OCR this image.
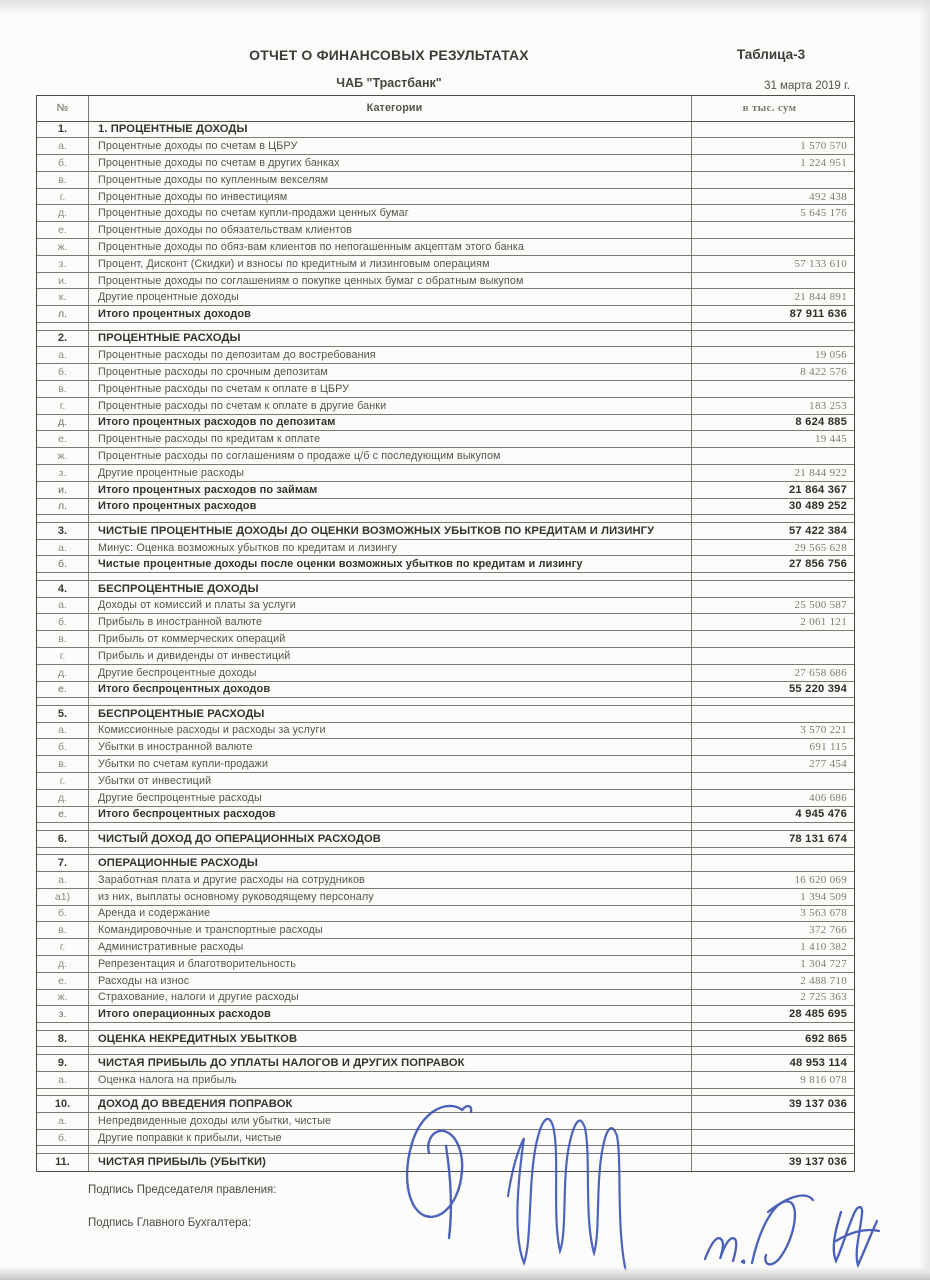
ОТЧЕТ О ФИНАНСОВЫХ РЕЗУЛЬТАТАХ	Таблица-3
ЧАБ "Трастбанк"	31 марта 2019 г.
№	Категории	в тыс. сум
1.	1. ПРОЦЕНТНЫЕ ДОХОДЫ
а.	Процентные доходы по счетам в ЦБРУ	1 570 570
б.	Процентные доходы по счетам в других банках	1 224 951
в.	Процентные доходы по купленным векселям
г.	Процентные доходы по инвестициям	492 438
д.	Процентные доходы по счетам купли-продажи ценных бумаг	5 645 176
е.	Процентные доходы по обязательствам клиентов
ж.	Процентные доходы по обяз-вам клиентов по непогашенным акцептам этого банка
з.	Процент, Дисконт (Скидки) и взносы по кредитным и лизинговым операциям	57 133 610
и.	Процентные доходы по соглашениям о покупке ценных бумаг с обратным выкупом
к.	Другие процентные доходы	21 844 891
л.	Итого процентных доходов	87 911 636
2.	ПРОЦЕНТНЫЕ РАСХОДЫ
а.	Процентные расходы по депозитам до востребования	19 056
б.	Процентные расходы по срочным депозитам	8 422 576
в.	Процентные расходы по счетам к оплате в ЦБРУ
г.	Процентные расходы по счетам к оплате в другие банки	183 253
д.	Итого процентных расходов по депозитам	8 624 885
е.	Процентные расходы по кредитам к оплате	19 445
ж.	Процентные расходы по соглашениям о продаже ц/б с последующим выкупом
з.	Другие процентные расходы	21 844 922
и.	Итого процентных расходов по займам	21 864 367
л.	Итого процентных расходов	30 489 252
3.	ЧИСТЫЕ ПРОЦЕНТНЫЕ ДОХОДЫ ДО ОЦЕНКИ ВОЗМОЖНЫХ УБЫТКОВ ПО КРЕДИТАМ И ЛИЗИНГУ	57 422 384
а.	Минус: Оценка возможных убытков по кредитам и лизингу	29 565 628
б.	Чистые процентные доходы после оценки возможных убытков по кредитам и лизингу	27 856 756
4.	БЕСПРОЦЕНТНЫЕ ДОХОДЫ
а.	Доходы от комиссий и платы за услуги	25 500 587
б.	Прибыль в иностранной валюте	2 061 121
в.	Прибыль от коммерческих операций
г.	Прибыль и дивиденды от инвестиций
д.	Другие беспроцентные доходы	27 658 686
е.	Итого беспроцентных доходов	55 220 394
5.	БЕСПРОЦЕНТНЫЕ РАСХОДЫ
а.	Комиссионные расходы и расходы за услуги	3 570 221
б.	Убытки в иностранной валюте	691 115
в.	Убытки по счетам купли-продажи	277 454
г.	Убытки от инвестиций
д.	Другие беспроцентные расходы	406 686
е.	Итого беспроцентных расходов	4 945 476
6.	ЧИСТЫЙ ДОХОД ДО ОПЕРАЦИОННЫХ РАСХОДОВ	78 131 674
7.	ОПЕРАЦИОННЫЕ РАСХОДЫ
а.	Заработная плата и другие расходы на сотрудников	16 620 069
а1)	из них, выплаты основному руководящему персоналу	1 394 509
б.	Аренда и содержание	3 563 678
в.	Командировочные и транспортные расходы	372 766
г.	Административные расходы	1 410 382
д.	Репрезентация и благотворительность	1 304 727
е.	Расходы на износ	2 488 710
ж.	Страхование, налоги и другие расходы	2 725 363
з.	Итого операционных расходов	28 485 695
8.	ОЦЕНКА НЕКРЕДИТНЫХ УБЫТКОВ	692 865
9.	ЧИСТАЯ ПРИБЫЛЬ ДО УПЛАТЫ НАЛОГОВ И ДРУГИХ ПОПРАВОК	48 953 114
а.	Оценка налога на прибыль	9 816 078
10.	ДОХОД ДО ВВЕДЕНИЯ ПОПРАВОК	39 137 036
а.	Непредвиденные доходы или убытки, чистые
б.	Другие поправки к прибыли, чистые
11.	ЧИСТАЯ ПРИБЫЛЬ (УБЫТКИ)	39 137 036
Подпись Председателя правления:
Подпись Главного Бухгалтера:
